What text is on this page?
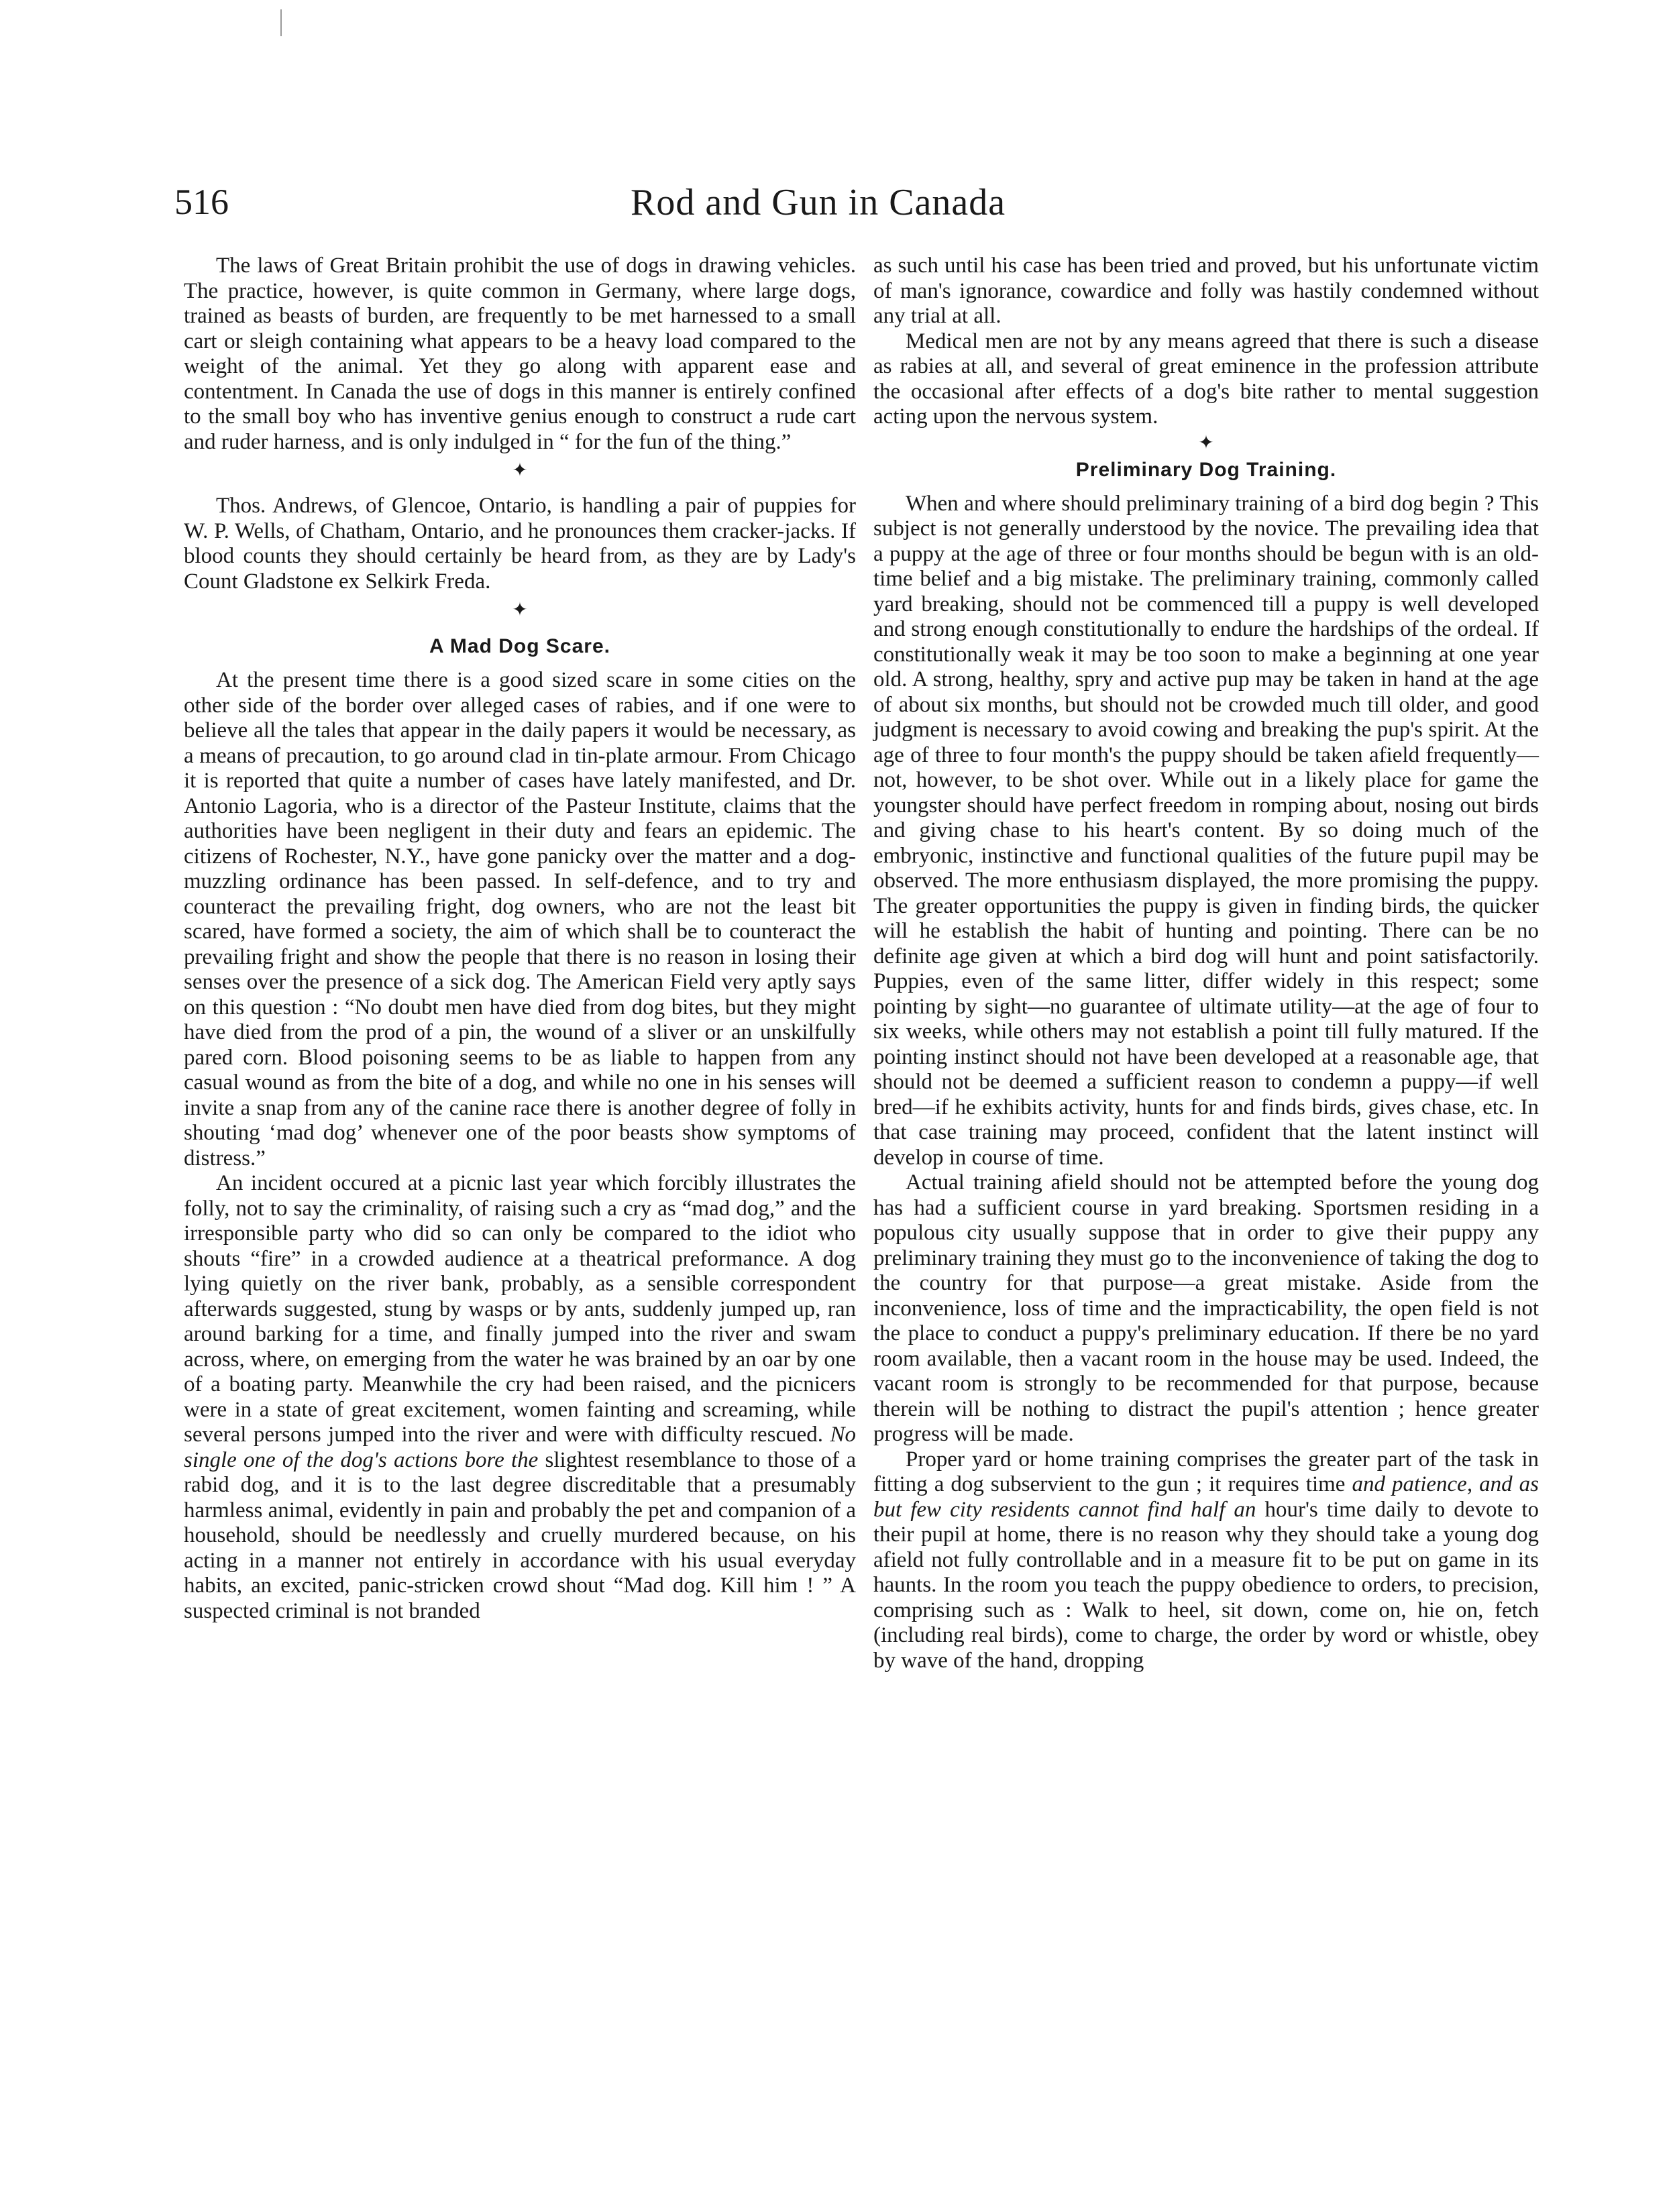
516	Rod and Gun in Canada

The laws of Great Britain prohibit the use of dogs in drawing vehicles. The practice, however, is quite common in Germany, where large dogs, trained as beasts of burden, are frequently to be met harnessed to a small cart or sleigh containing what appears to be a heavy load compared to the weight of the animal. Yet they go along with apparent ease and contentment. In Canada the use of dogs in this manner is entirely confined to the small boy who has inventive genius enough to construct a rude cart and ruder harness, and is only indulged in “ for the fun of the thing.”

✦

Thos. Andrews, of Glencoe, Ontario, is handling a pair of puppies for W. P. Wells, of Chatham, Ontario, and he pronounces them cracker-jacks. If blood counts they should certainly be heard from, as they are by Lady's Count Gladstone ex Selkirk Freda.

✦
A Mad Dog Scare.

At the present time there is a good sized scare in some cities on the other side of the border over alleged cases of rabies, and if one were to believe all the tales that appear in the daily papers it would be necessary, as a means of precaution, to go around clad in tin-plate armour. From Chicago it is reported that quite a number of cases have lately manifested, and Dr. Antonio Lagoria, who is a director of the Pasteur Institute, claims that the authorities have been negligent in their duty and fears an epidemic. The citizens of Rochester, N.Y., have gone panicky over the matter and a dog-muzzling ordinance has been passed. In self-defence, and to try and counteract the prevailing fright, dog owners, who are not the least bit scared, have formed a society, the aim of which shall be to counteract the prevailing fright and show the people that there is no reason in losing their senses over the presence of a sick dog. The American Field very aptly says on this question : “No doubt men have died from dog bites, but they might have died from the prod of a pin, the wound of a sliver or an unskilfully pared corn. Blood poisoning seems to be as liable to happen from any casual wound as from the bite of a dog, and while no one in his senses will invite a snap from any of the canine race there is another degree of folly in shouting ‘mad dog’ whenever one of the poor beasts show symptoms of distress.”

An incident occured at a picnic last year which forcibly illustrates the folly, not to say the criminality, of raising such a cry as “mad dog,” and the irresponsible party who did so can only be compared to the idiot who shouts “fire” in a crowded audience at a theatrical preformance. A dog lying quietly on the river bank, probably, as a sensible correspondent afterwards suggested, stung by wasps or by ants, suddenly jumped up, ran around barking for a time, and finally jumped into the river and swam across, where, on emerging from the water he was brained by an oar by one of a boating party. Meanwhile the cry had been raised, and the picnicers were in a state of great excitement, women fainting and screaming, while several persons jumped into the river and were with difficulty rescued. No single one of the dog's actions bore the slightest resemblance to those of a rabid dog, and it is to the last degree discreditable that a presumably harmless animal, evidently in pain and probably the pet and companion of a household, should be needlessly and cruelly murdered because, on his acting in a manner not entirely in accordance with his usual everyday habits, an excited, panic-stricken crowd shout “Mad dog. Kill him ! ” A suspected criminal is not branded

as such until his case has been tried and proved, but his unfortunate victim of man's ignorance, cowardice and folly was hastily condemned without any trial at all.

Medical men are not by any means agreed that there is such a disease as rabies at all, and several of great eminence in the profession attribute the occasional after effects of a dog's bite rather to mental suggestion acting upon the nervous system.

✦
Preliminary Dog Training.

When and where should preliminary training of a bird dog begin ? This subject is not generally understood by the novice. The prevailing idea that a puppy at the age of three or four months should be begun with is an old-time belief and a big mistake. The preliminary training, commonly called yard breaking, should not be commenced till a puppy is well developed and strong enough constitutionally to endure the hardships of the ordeal. If constitutionally weak it may be too soon to make a beginning at one year old. A strong, healthy, spry and active pup may be taken in hand at the age of about six months, but should not be crowded much till older, and good judgment is necessary to avoid cowing and breaking the pup's spirit. At the age of three to four month's the puppy should be taken afield frequently—not, however, to be shot over. While out in a likely place for game the youngster should have perfect freedom in romping about, nosing out birds and giving chase to his heart's content. By so doing much of the embryonic, instinctive and functional qualities of the future pupil may be observed. The more enthusiasm displayed, the more promising the puppy. The greater opportunities the puppy is given in finding birds, the quicker will he establish the habit of hunting and pointing. There can be no definite age given at which a bird dog will hunt and point satisfactorily. Puppies, even of the same litter, differ widely in this respect; some pointing by sight—no guarantee of ultimate utility—at the age of four to six weeks, while others may not establish a point till fully matured. If the pointing instinct should not have been developed at a reasonable age, that should not be deemed a sufficient reason to condemn a puppy—if well bred—if he exhibits activity, hunts for and finds birds, gives chase, etc. In that case training may proceed, confident that the latent instinct will develop in course of time.

Actual training afield should not be attempted before the young dog has had a sufficient course in yard breaking. Sportsmen residing in a populous city usually suppose that in order to give their puppy any preliminary training they must go to the inconvenience of taking the dog to the country for that purpose—a great mistake. Aside from the inconvenience, loss of time and the impracticability, the open field is not the place to conduct a puppy's preliminary education. If there be no yard room available, then a vacant room in the house may be used. Indeed, the vacant room is strongly to be recommended for that purpose, because therein will be nothing to distract the pupil's attention ; hence greater progress will be made.

Proper yard or home training comprises the greater part of the task in fitting a dog subservient to the gun ; it requires time and patience, and as but few city residents cannot find half an hour's time daily to devote to their pupil at home, there is no reason why they should take a young dog afield not fully controllable and in a measure fit to be put on game in its haunts. In the room you teach the puppy obedience to orders, to precision, comprising such as : Walk to heel, sit down, come on, hie on, fetch (including real birds), come to charge, the order by word or whistle, obey by wave of the hand, dropping
